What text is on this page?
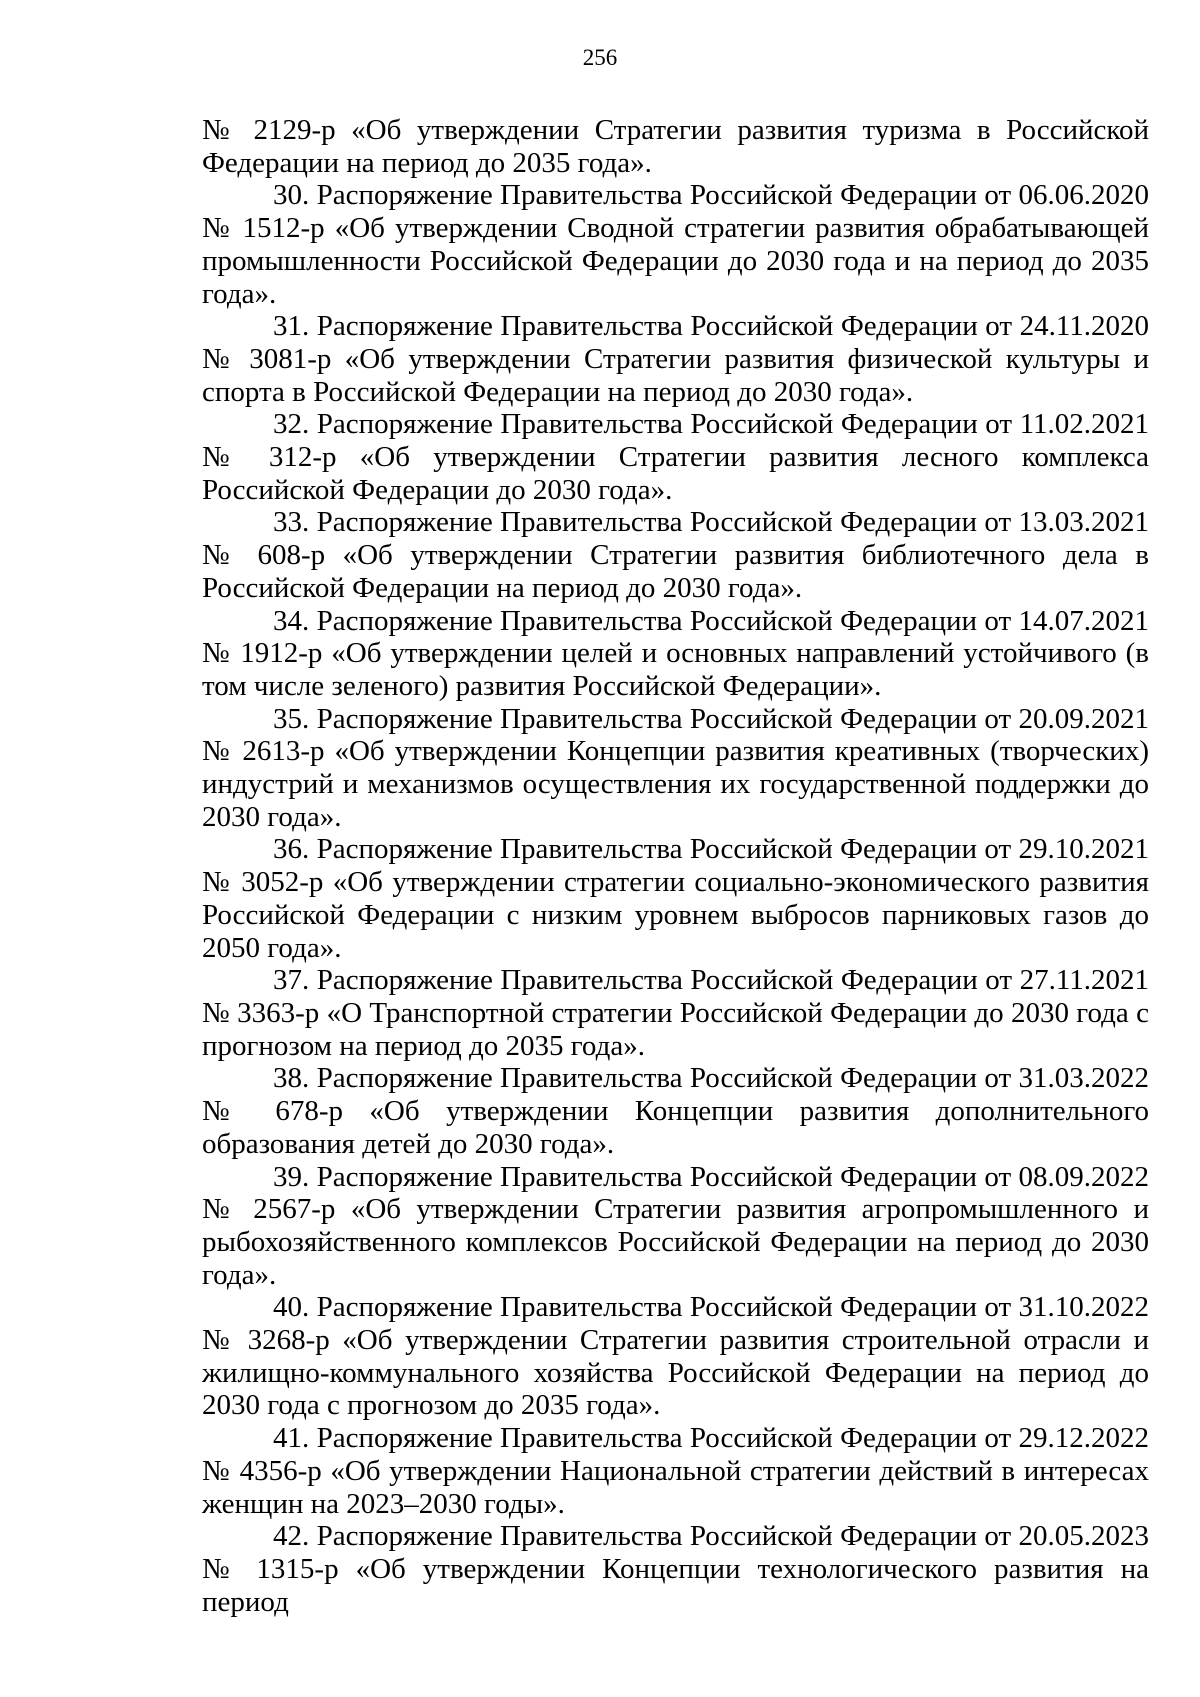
256

№ 2129-р «Об утверждении Стратегии развития туризма в Российской Федерации на период до 2035 года».

30. Распоряжение Правительства Российской Федерации от 06.06.2020 № 1512-р «Об утверждении Сводной стратегии развития обрабатывающей промышленности Российской Федерации до 2030 года и на период до 2035 года».

31. Распоряжение Правительства Российской Федерации от 24.11.2020 № 3081-р «Об утверждении Стратегии развития физической культуры и спорта в Российской Федерации на период до 2030 года».

32. Распоряжение Правительства Российской Федерации от 11.02.2021 № 312-р «Об утверждении Стратегии развития лесного комплекса Российской Федерации до 2030 года».

33. Распоряжение Правительства Российской Федерации от 13.03.2021 № 608-р «Об утверждении Стратегии развития библиотечного дела в Российской Федерации на период до 2030 года».

34. Распоряжение Правительства Российской Федерации от 14.07.2021 № 1912-р «Об утверждении целей и основных направлений устойчивого (в том числе зеленого) развития Российской Федерации».

35. Распоряжение Правительства Российской Федерации от 20.09.2021 № 2613-р «Об утверждении Концепции развития креативных (творческих) индустрий и механизмов осуществления их государственной поддержки до 2030 года».

36. Распоряжение Правительства Российской Федерации от 29.10.2021 № 3052-р «Об утверждении стратегии социально-экономического развития Российской Федерации с низким уровнем выбросов парниковых газов до 2050 года».

37. Распоряжение Правительства Российской Федерации от 27.11.2021 № 3363-р «О Транспортной стратегии Российской Федерации до 2030 года с прогнозом на период до 2035 года».

38. Распоряжение Правительства Российской Федерации от 31.03.2022 № 678-р «Об утверждении Концепции развития дополнительного образования детей до 2030 года».

39. Распоряжение Правительства Российской Федерации от 08.09.2022 № 2567-р «Об утверждении Стратегии развития агропромышленного и рыбохозяйственного комплексов Российской Федерации на период до 2030 года».

40. Распоряжение Правительства Российской Федерации от 31.10.2022 № 3268-р «Об утверждении Стратегии развития строительной отрасли и жилищно-коммунального хозяйства Российской Федерации на период до 2030 года с прогнозом до 2035 года».

41. Распоряжение Правительства Российской Федерации от 29.12.2022 № 4356-р «Об утверждении Национальной стратегии действий в интересах женщин на 2023–2030 годы».

42. Распоряжение Правительства Российской Федерации от 20.05.2023 № 1315-р «Об утверждении Концепции технологического развития на период
